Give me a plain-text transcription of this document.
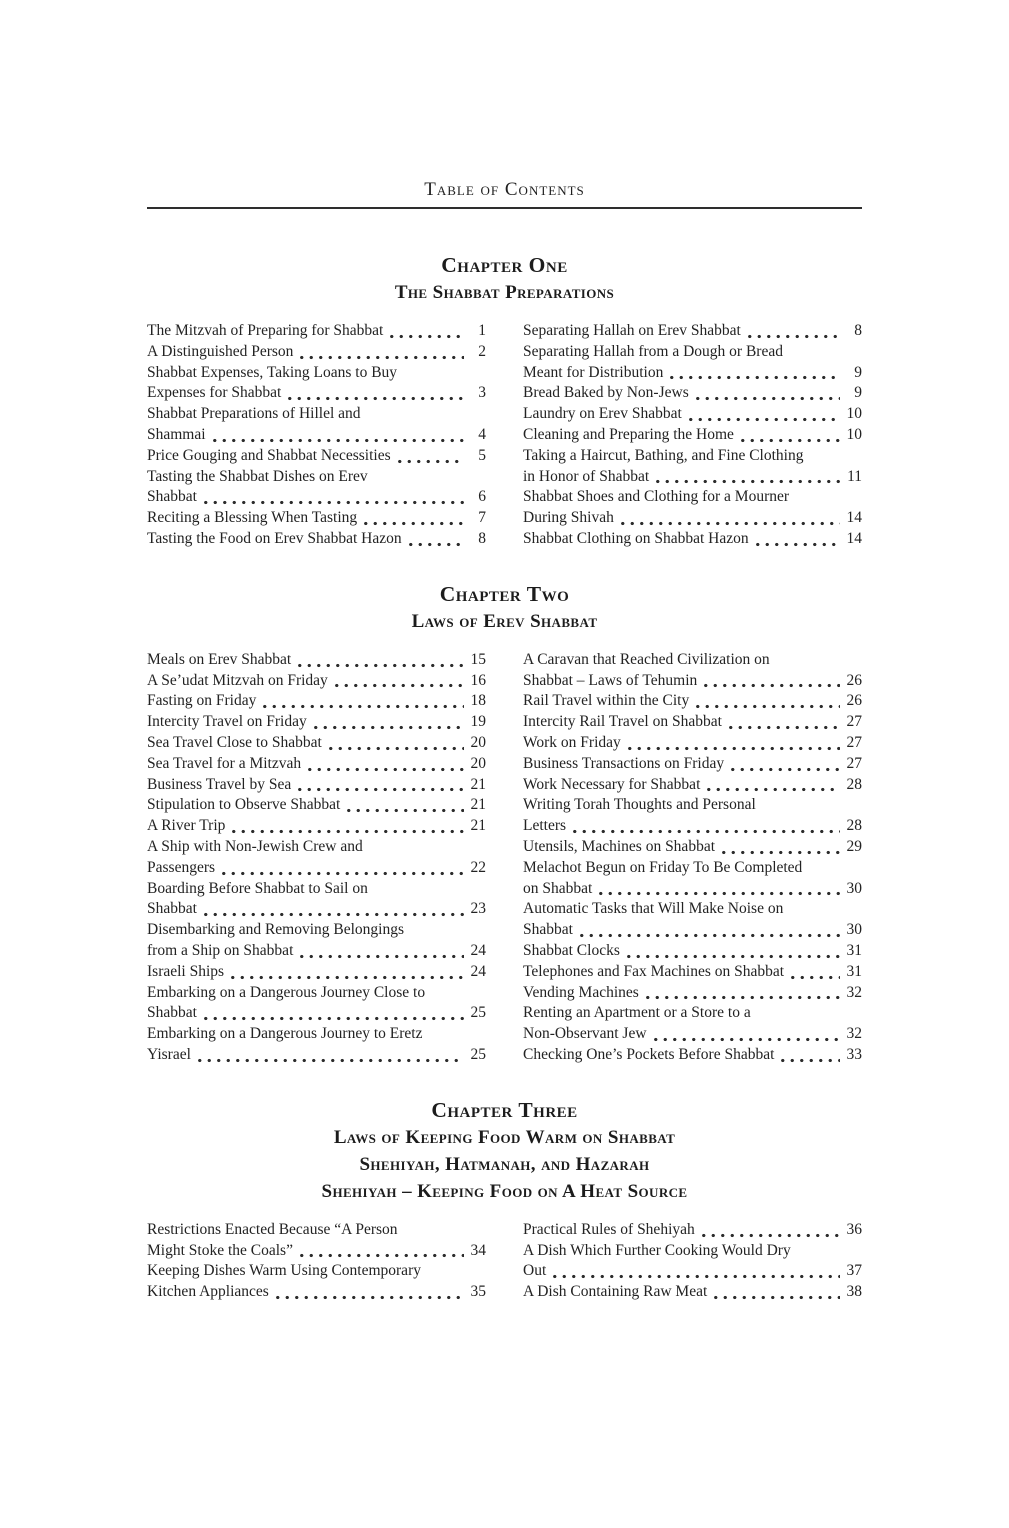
Table of Contents
Chapter One
The Shabbat Preparations
The Mitzvah of Preparing for Shabbat	1
A Distinguished Person	2
Shabbat Expenses, Taking Loans to Buy
Expenses for Shabbat	3
Shabbat Preparations of Hillel and
Shammai	4
Price Gouging and Shabbat Necessities	5
Tasting the Shabbat Dishes on Erev
Shabbat	6
Reciting a Blessing When Tasting	7
Tasting the Food on Erev Shabbat Hazon	8
Separating Hallah on Erev Shabbat	8
Separating Hallah from a Dough or Bread
Meant for Distribution	9
Bread Baked by Non-Jews	9
Laundry on Erev Shabbat	10
Cleaning and Preparing the Home	10
Taking a Haircut, Bathing, and Fine Clothing
in Honor of Shabbat	11
Shabbat Shoes and Clothing for a Mourner
During Shivah	14
Shabbat Clothing on Shabbat Hazon	14
Chapter Two
Laws of Erev Shabbat
Meals on Erev Shabbat	15
A Se’udat Mitzvah on Friday	16
Fasting on Friday	18
Intercity Travel on Friday	19
Sea Travel Close to Shabbat	20
Sea Travel for a Mitzvah	20
Business Travel by Sea	21
Stipulation to Observe Shabbat	21
A River Trip	21
A Ship with Non-Jewish Crew and
Passengers	22
Boarding Before Shabbat to Sail on
Shabbat	23
Disembarking and Removing Belongings
from a Ship on Shabbat	24
Israeli Ships	24
Embarking on a Dangerous Journey Close to
Shabbat	25
Embarking on a Dangerous Journey to Eretz
Yisrael	25
A Caravan that Reached Civilization on
Shabbat – Laws of Tehumin	26
Rail Travel within the City	26
Intercity Rail Travel on Shabbat	27
Work on Friday	27
Business Transactions on Friday	27
Work Necessary for Shabbat	28
Writing Torah Thoughts and Personal
Letters	28
Utensils, Machines on Shabbat	29
Melachot Begun on Friday To Be Completed
on Shabbat	30
Automatic Tasks that Will Make Noise on
Shabbat	30
Shabbat Clocks	31
Telephones and Fax Machines on Shabbat	31
Vending Machines	32
Renting an Apartment or a Store to a
Non-Observant Jew	32
Checking One’s Pockets Before Shabbat	33
Chapter Three
Laws of Keeping Food Warm on Shabbat
Shehiyah, Hatmanah, and Hazarah
Shehiyah – Keeping Food on A Heat Source
Restrictions Enacted Because “A Person
Might Stoke the Coals”	34
Keeping Dishes Warm Using Contemporary
Kitchen Appliances	35
Practical Rules of Shehiyah	36
A Dish Which Further Cooking Would Dry
Out	37
A Dish Containing Raw Meat	38
